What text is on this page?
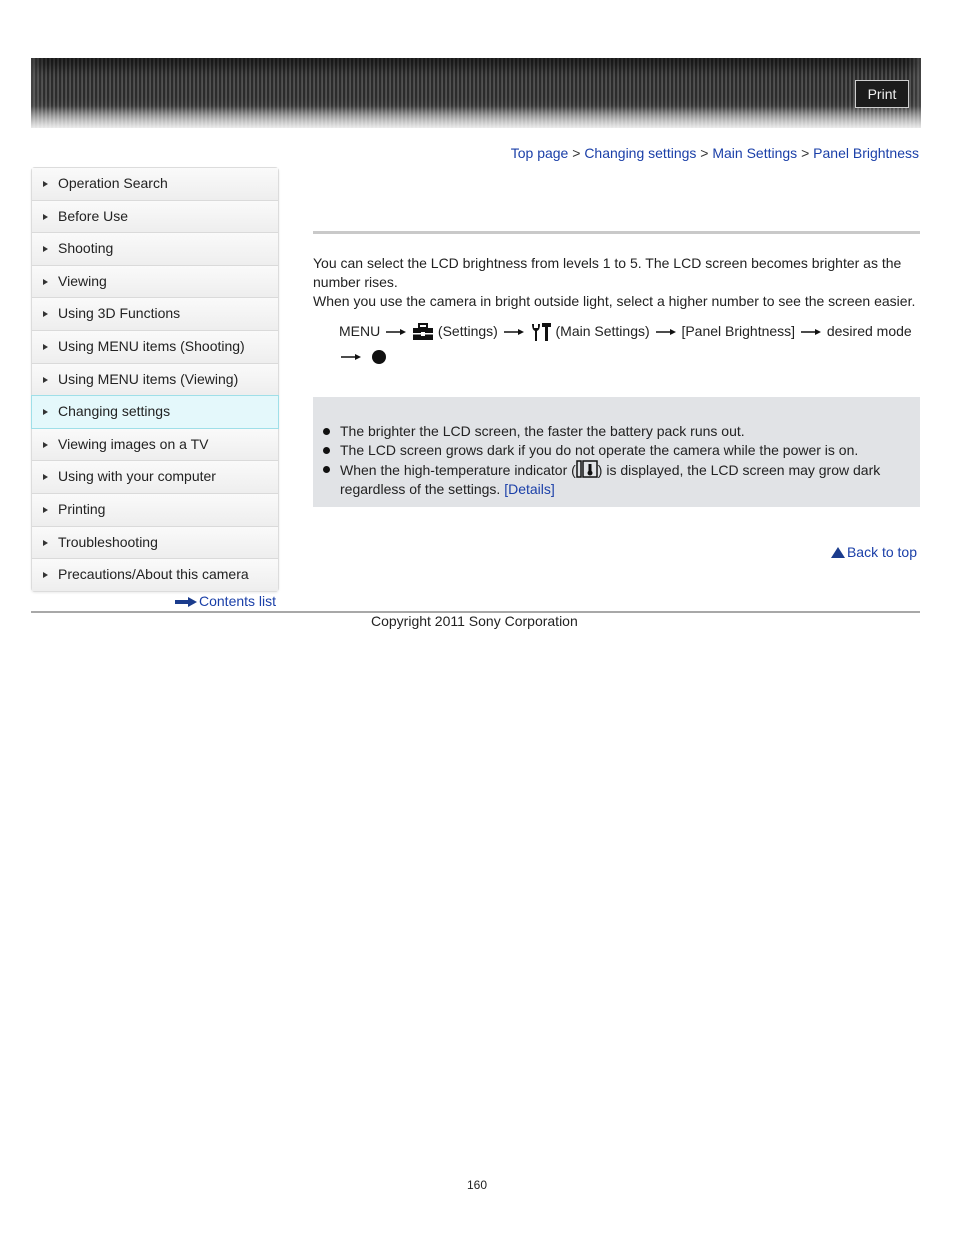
Print
Top page > Changing settings > Main Settings > Panel Brightness
Operation Search
Before Use
Shooting
Viewing
Using 3D Functions
Using MENU items (Shooting)
Using MENU items (Viewing)
Changing settings
Viewing images on a TV
Using with your computer
Printing
Troubleshooting
Precautions/About this camera
Contents list

You can select the LCD brightness from levels 1 to 5. The LCD screen becomes brighter as the number rises.

When you use the camera in bright outside light, select a higher number to see the screen easier.

MENU	(Settings)	(Main Settings) [Panel Brightness] desired mode

The brighter the LCD screen, the faster the battery pack runs out.
The LCD screen grows dark if you do not operate the camera while the power is on.
When the high-temperature indicator ( ) is displayed, the LCD screen may grow dark regardless of the settings. [Details]
Back to top
Copyright 2011 Sony Corporation
160
